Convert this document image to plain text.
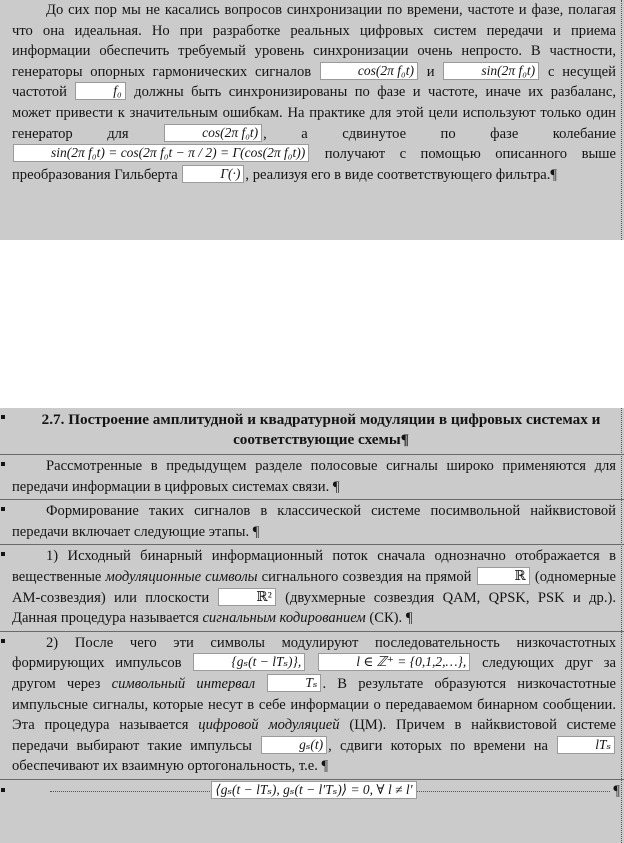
До сих пор мы не касались вопросов синхронизации по времени, частоте и фазе, полагая что она идеальная. Но при разработке реальных цифровых систем передачи и приема информации обеспечить требуемый уровень синхронизации очень непросто. В частности, генераторы опорных гармонических сигналов	cos(2π f₀t) и	sin(2π f₀t) с несущей частотой	f₀ должны быть синхронизированы по фазе и частоте, иначе их разбаланс, может привести к значительным ошибкам. На практике для этой цели используют только один генератор для	cos(2π f₀t) , а сдвинутое по фазе колебание sin(2π f₀t) = cos(2π f₀t − π / 2) = Γ(cos(2π f₀t)) получают с помощью описанного выше преобразования Гильберта	Γ(·) , реализуя его в виде соответствующего фильтра.¶

2.7. Построение амплитудной и квадратурной модуляции в цифровых системах и соответствующие схемы¶

Рассмотренные в предыдущем разделе полосовые сигналы широко применяются для передачи информации в цифровых системах связи. ¶

Формирование таких сигналов в классической системе посимвольной найквистовой передачи включает следующие этапы. ¶

1) Исходный бинарный информационный поток сначала однозначно отображается в вещественные модуляционные символы сигнального созвездия на прямой	ℝ (одномерные АМ-созвездия) или плоскости	ℝ² (двухмерные созвездия QAM, QPSK, PSK и др.). Данная процедура называется сигнальным кодированием (СК). ¶

2) После чего эти символы модулируют последовательность низкочастотных формирующих импульсов	{gₛ(t − lTₛ)},	l ∈ ℤ⁺ = {0,1,2,…}, следующих друг за другом через символьный интервал	Tₛ . В результате образуются низкочастотные импульсные сигналы, которые несут в себе информации о передаваемом бинарном сообщении. Эта процедура называется цифровой модуляцией (ЦМ). Причем в найквистовой системе передачи выбирают такие импульсы	gₛ(t) , сдвиги которых по времени на	lTₛ обеспечивают их взаимную ортогональность, т.е. ¶

⟨gₛ(t − lTₛ), gₛ(t − l′Tₛ)⟩ = 0, ∀ l ≠ l′	¶
